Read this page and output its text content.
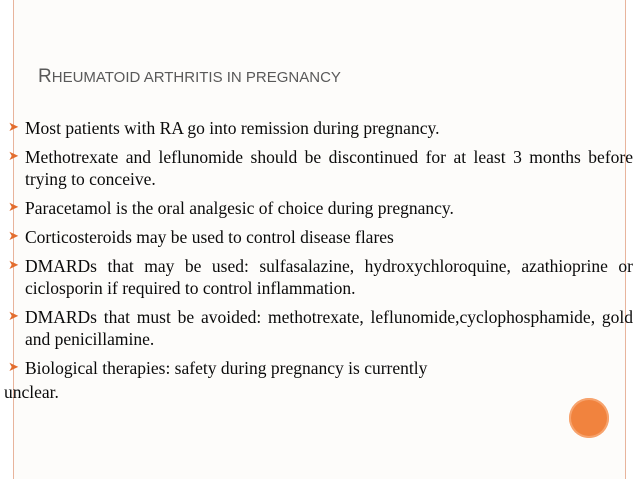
RHEUMATOID ARTHRITIS IN PREGNANCY
➤ Most patients with RA go into remission during pregnancy.
➤ Methotrexate and leflunomide should be discontinued for at least 3 months before trying to conceive.
➤ Paracetamol is the oral analgesic of choice during pregnancy.
➤ Corticosteroids may be used to control disease flares
➤ DMARDs that may be used: sulfasalazine, hydroxychloroquine, azathioprine or ciclosporin if required to control inflammation.
➤ DMARDs that must be avoided: methotrexate, leflunomide,cyclophosphamide, gold and penicillamine.
➤ Biological therapies: safety during pregnancy is currently
unclear.
